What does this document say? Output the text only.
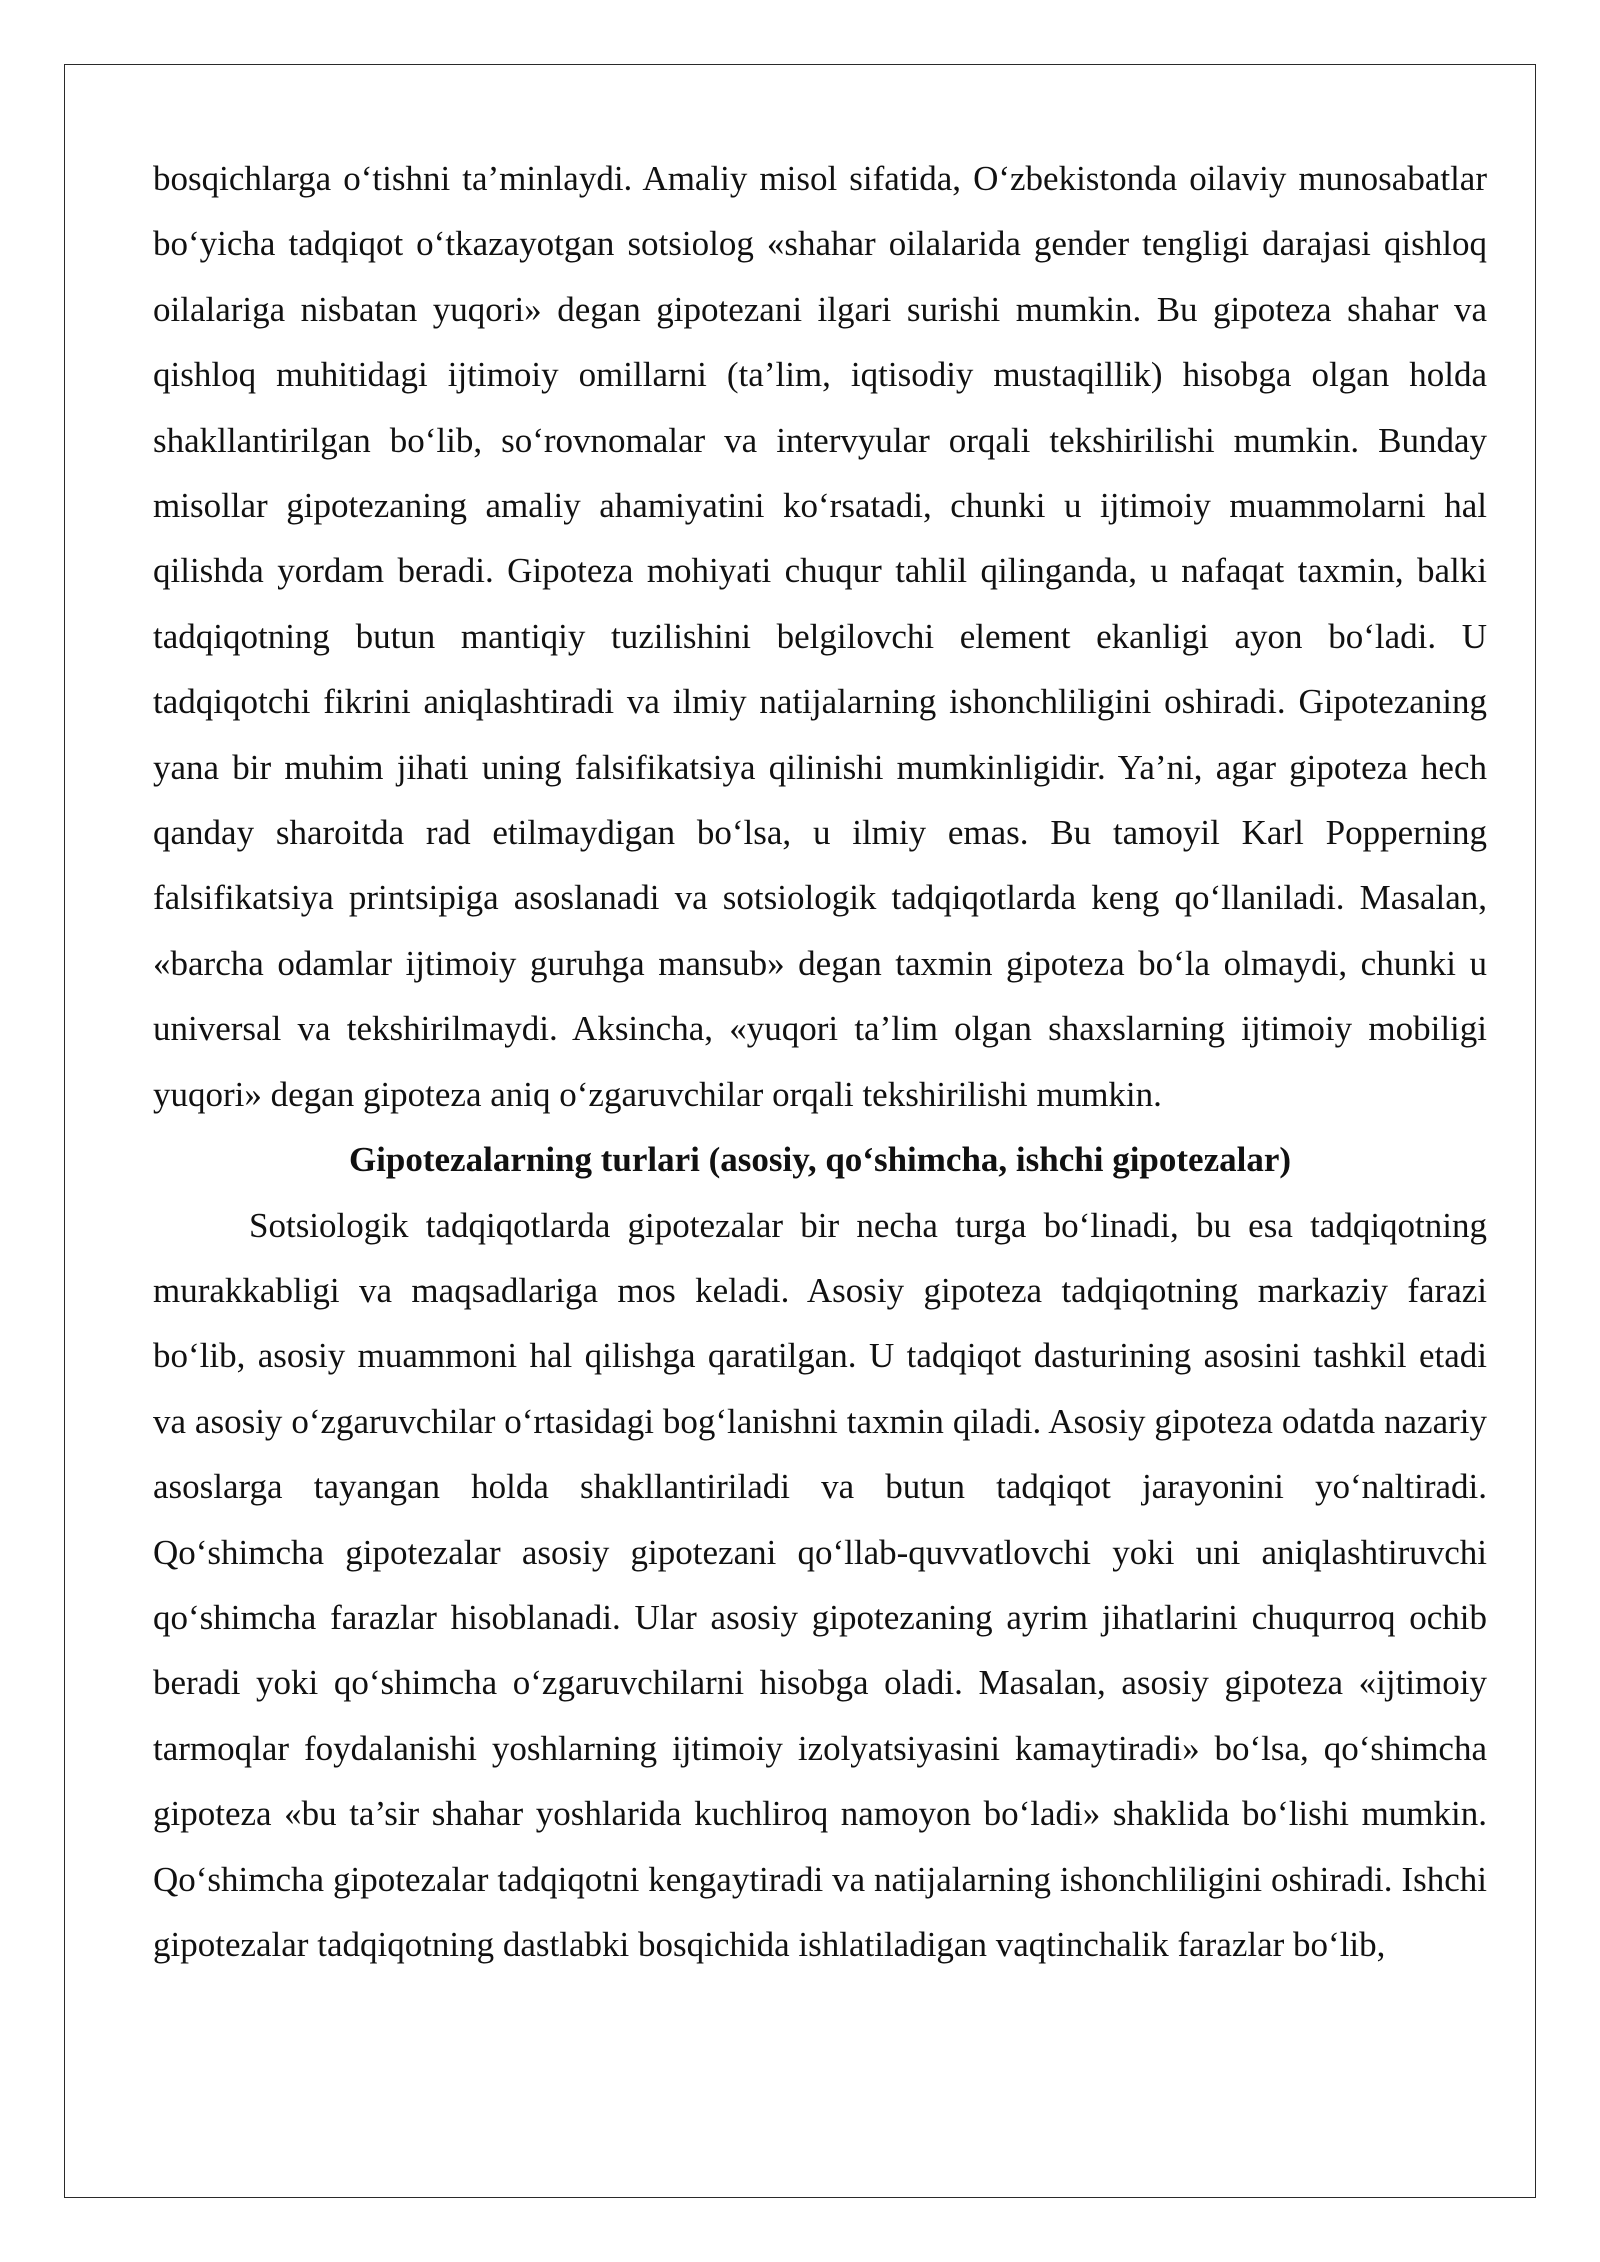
bosqichlarga o‘tishni ta’minlaydi. Amaliy misol sifatida, O‘zbekistonda oilaviy munosabatlar bo‘yicha tadqiqot o‘tkazayotgan sotsiolog «shahar oilalarida gender tengligi darajasi qishloq oilalariga nisbatan yuqori» degan gipotezani ilgari surishi mumkin. Bu gipoteza shahar va qishloq muhitidagi ijtimoiy omillarni (ta’lim, iqtisodiy mustaqillik) hisobga olgan holda shakllantirilgan bo‘lib, so‘rovnomalar va intervyular orqali tekshirilishi mumkin. Bunday misollar gipotezaning amaliy ahamiyatini ko‘rsatadi, chunki u ijtimoiy muammolarni hal qilishda yordam beradi. Gipoteza mohiyati chuqur tahlil qilinganda, u nafaqat taxmin, balki tadqiqotning butun mantiqiy tuzilishini belgilovchi element ekanligi ayon bo‘ladi. U tadqiqotchi fikrini aniqlashtiradi va ilmiy natijalarning ishonchliligini oshiradi. Gipotezaning yana bir muhim jihati uning falsifikatsiya qilinishi mumkinligidir. Ya’ni, agar gipoteza hech qanday sharoitda rad etilmaydigan bo‘lsa, u ilmiy emas. Bu tamoyil Karl Popperning falsifikatsiya printsipiga asoslanadi va sotsiologik tadqiqotlarda keng qo‘llaniladi. Masalan, «barcha odamlar ijtimoiy guruhga mansub» degan taxmin gipoteza bo‘la olmaydi, chunki u universal va tekshirilmaydi. Aksincha, «yuqori ta’lim olgan shaxslarning ijtimoiy mobiligi yuqori» degan gipoteza aniq o‘zgaruvchilar orqali tekshirilishi mumkin.

Gipotezalarning turlari (asosiy, qo‘shimcha, ishchi gipotezalar)

Sotsiologik tadqiqotlarda gipotezalar bir necha turga bo‘linadi, bu esa tadqiqotning murakkabligi va maqsadlariga mos keladi. Asosiy gipoteza tadqiqotning markaziy farazi bo‘lib, asosiy muammoni hal qilishga qaratilgan. U tadqiqot dasturining asosini tashkil etadi va asosiy o‘zgaruvchilar o‘rtasidagi bog‘lanishni taxmin qiladi. Asosiy gipoteza odatda nazariy asoslarga tayangan holda shakllantiriladi va butun tadqiqot jarayonini yo‘naltiradi. Qo‘shimcha gipotezalar asosiy gipotezani qo‘llab-quvvatlovchi yoki uni aniqlashtiruvchi qo‘shimcha farazlar hisoblanadi. Ular asosiy gipotezaning ayrim jihatlarini chuqurroq ochib beradi yoki qo‘shimcha o‘zgaruvchilarni hisobga oladi. Masalan, asosiy gipoteza «ijtimoiy tarmoqlar foydalanishi yoshlarning ijtimoiy izolyatsiyasini kamaytiradi» bo‘lsa, qo‘shimcha gipoteza «bu ta’sir shahar yoshlarida kuchliroq namoyon bo‘ladi» shaklida bo‘lishi mumkin. Qo‘shimcha gipotezalar tadqiqotni kengaytiradi va natijalarning ishonchliligini oshiradi. Ishchi gipotezalar tadqiqotning dastlabki bosqichida ishlatiladigan vaqtinchalik farazlar bo‘lib,
